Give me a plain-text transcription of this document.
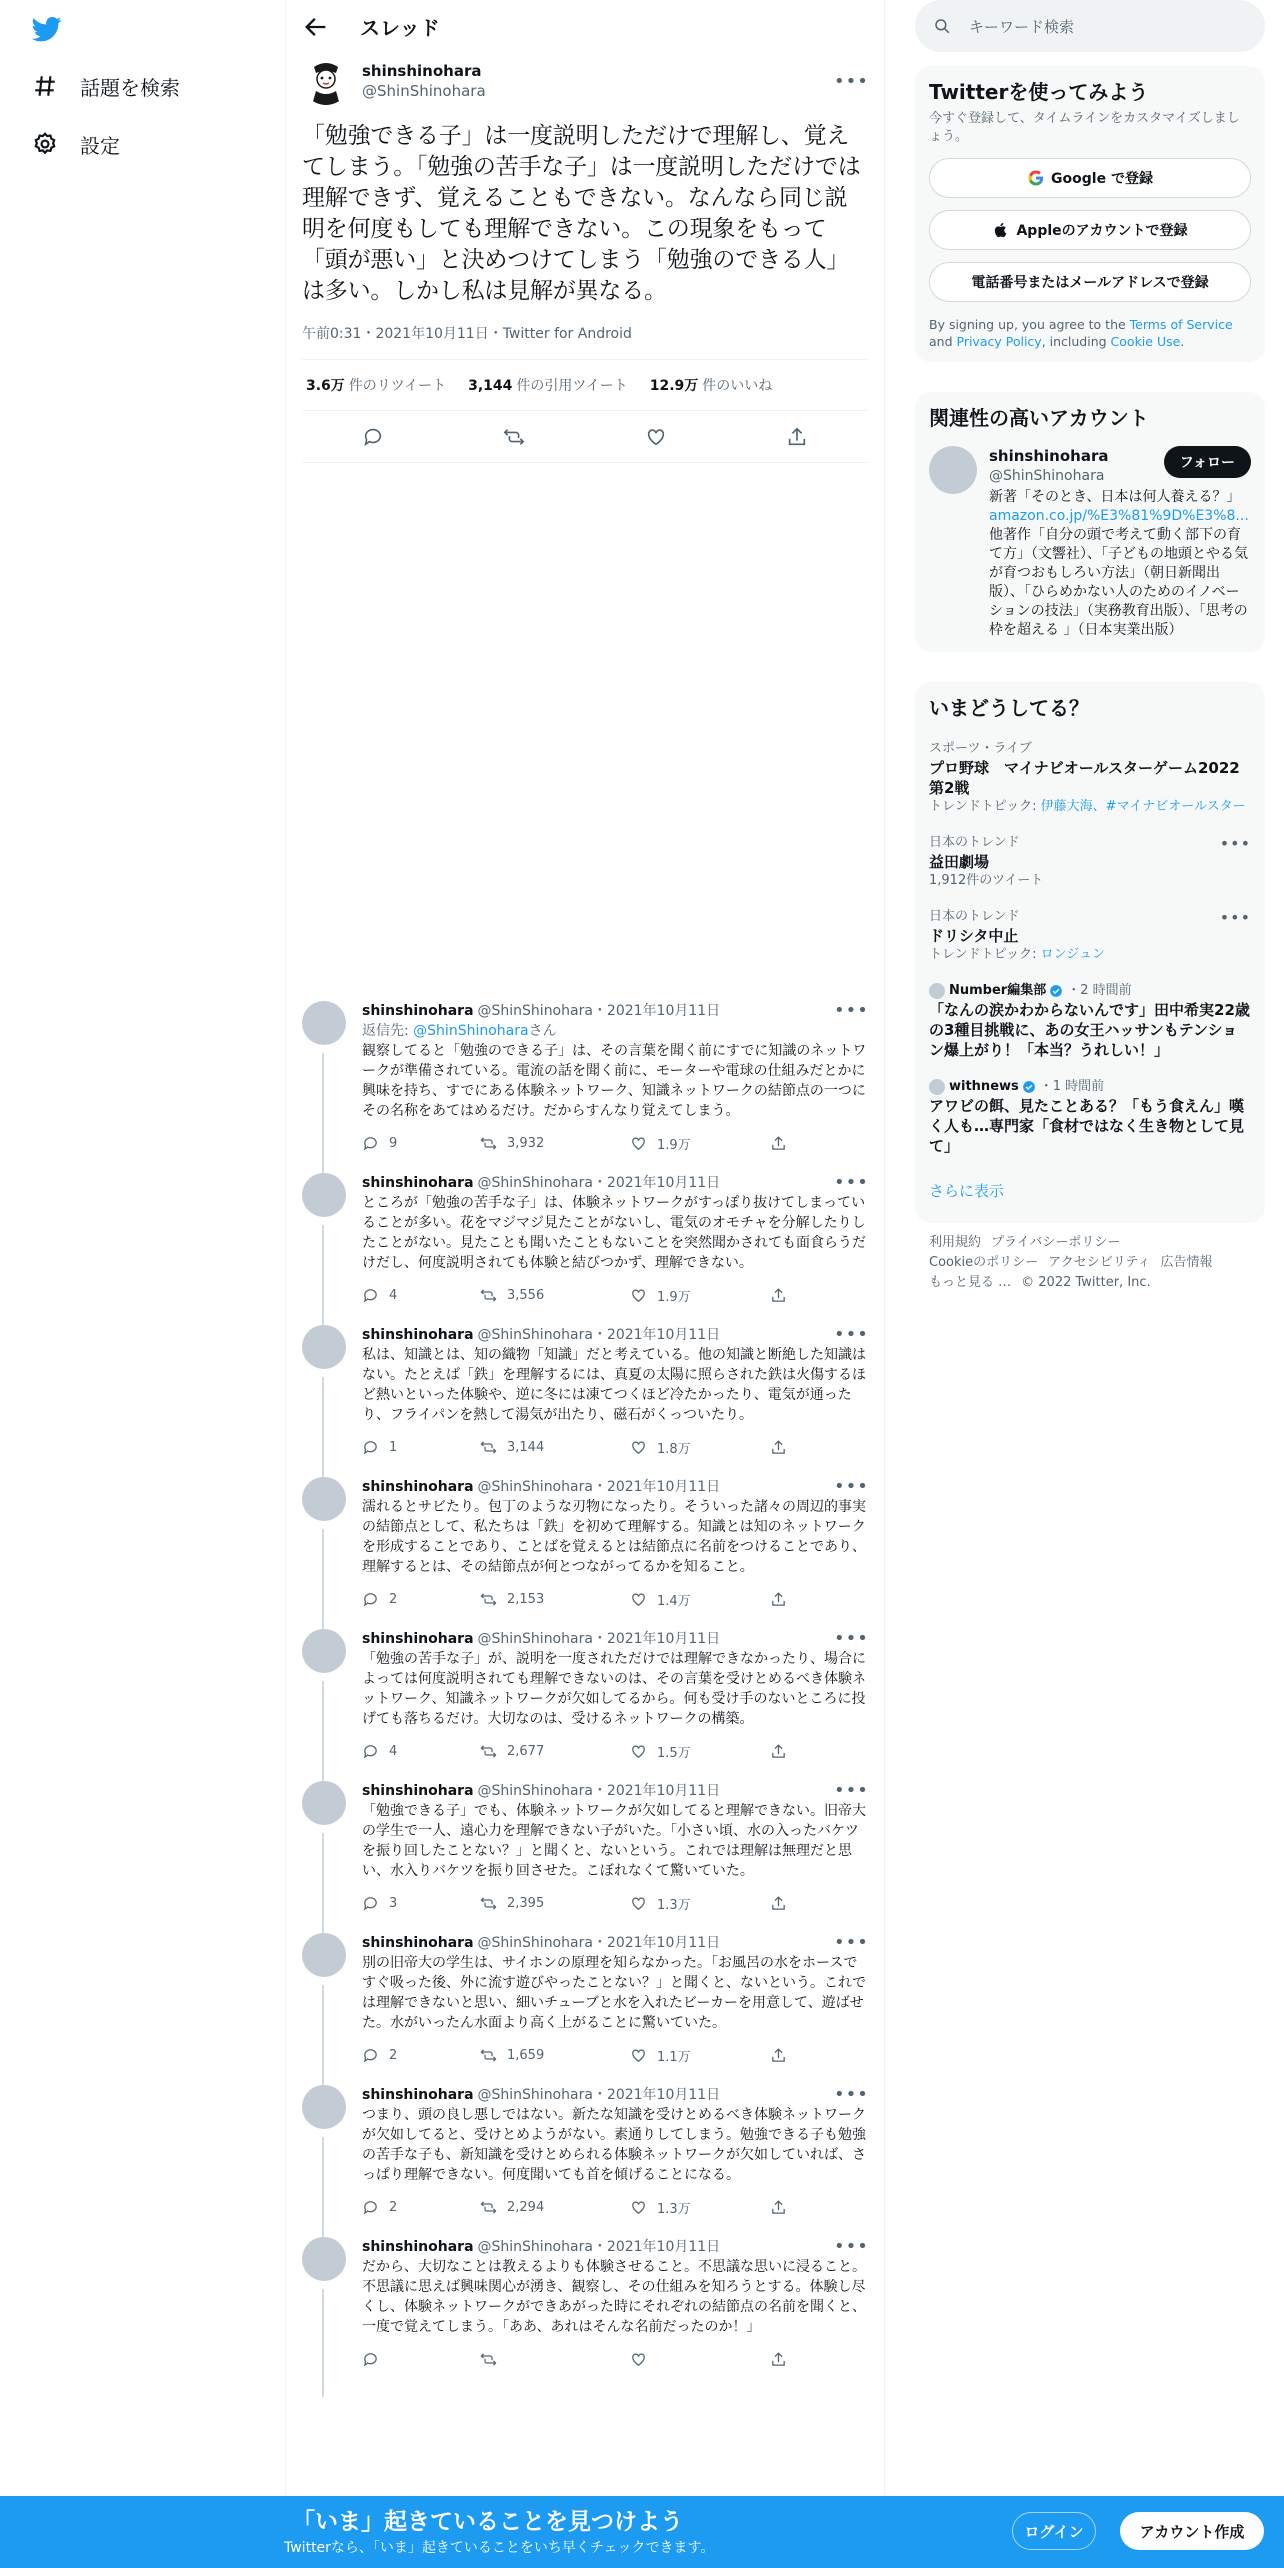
話題を検索
設定
スレッド
shinshinohara
@ShinShinohara	•••
「勉強できる子」は一度説明しただけで理解し、覚えてしまう。「勉強の苦手な子」は一度説明しただけでは理解できず、覚えることもできない。なんなら同じ説明を何度もしても理解できない。この現象をもって「頭が悪い」と決めつけてしまう「勉強のできる人」は多い。しかし私は見解が異なる。
午前0:31・2021年10月11日・Twitter for Android
3.6万 件のリツイート 3,144 件の引用ツイート 12.9万 件のいいね
shinshinohara @ShinShinohara・2021年10月11日	•••
返信先: @ShinShinoharaさん
観察してると「勉強のできる子」は、その言葉を聞く前にすでに知識のネットワークが準備されている。電流の話を聞く前に、モーターや電球の仕組みだとかに興味を持ち、すでにある体験ネットワーク、知識ネットワークの結節点の一つにその名称をあてはめるだけ。だからすんなり覚えてしまう。
9	3,932	1.9万
shinshinohara @ShinShinohara・2021年10月11日	•••
ところが「勉強の苦手な子」は、体験ネットワークがすっぽり抜けてしまっていることが多い。花をマジマジ見たことがないし、電気のオモチャを分解したりしたことがない。見たことも聞いたこともないことを突然聞かされても面食らうだけだし、何度説明されても体験と結びつかず、理解できない。
4	3,556	1.9万
shinshinohara @ShinShinohara・2021年10月11日	•••
私は、知識とは、知の織物「知識」だと考えている。他の知識と断絶した知識はない。たとえば「鉄」を理解するには、真夏の太陽に照らされた鉄は火傷するほど熱いといった体験や、逆に冬には凍てつくほど冷たかったり、電気が通ったり、フライパンを熱して湯気が出たり、磁石がくっついたり。
1	3,144	1.8万
shinshinohara @ShinShinohara・2021年10月11日	•••
濡れるとサビたり。包丁のような刃物になったり。そういった諸々の周辺的事実の結節点として、私たちは「鉄」を初めて理解する。知識とは知のネットワークを形成することであり、ことばを覚えるとは結節点に名前をつけることであり、理解するとは、その結節点が何とつながってるかを知ること。
2	2,153	1.4万
shinshinohara @ShinShinohara・2021年10月11日	•••
「勉強の苦手な子」が、説明を一度されただけでは理解できなかったり、場合によっては何度説明されても理解できないのは、その言葉を受けとめるべき体験ネットワーク、知識ネットワークが欠如してるから。何も受け手のないところに投げても落ちるだけ。大切なのは、受けるネットワークの構築。
4	2,677	1.5万
shinshinohara @ShinShinohara・2021年10月11日	•••
「勉強できる子」でも、体験ネットワークが欠如してると理解できない。旧帝大の学生で一人、遠心力を理解できない子がいた。「小さい頃、水の入ったバケツを振り回したことない？」と聞くと、ないという。これでは理解は無理だと思い、水入りバケツを振り回させた。こぼれなくて驚いていた。
3	2,395	1.3万
shinshinohara @ShinShinohara・2021年10月11日	•••
別の旧帝大の学生は、サイホンの原理を知らなかった。「お風呂の水をホースですぐ吸った後、外に流す遊びやったことない？」と聞くと、ないという。これでは理解できないと思い、細いチューブと水を入れたビーカーを用意して、遊ばせた。水がいったん水面より高く上がることに驚いていた。
2	1,659	1.1万
shinshinohara @ShinShinohara・2021年10月11日	•••
つまり、頭の良し悪しではない。新たな知識を受けとめるべき体験ネットワークが欠如してると、受けとめようがない。素通りしてしまう。勉強できる子も勉強の苦手な子も、新知識を受けとめられる体験ネットワークが欠如していれば、さっぱり理解できない。何度聞いても首を傾げることになる。
2	2,294	1.3万
shinshinohara @ShinShinohara・2021年10月11日	•••
だから、大切なことは教えるよりも体験させること。不思議な思いに浸ること。不思議に思えば興味関心が湧き、観察し、その仕組みを知ろうとする。体験し尽くし、体験ネットワークができあがった時にそれぞれの結節点の名前を聞くと、一度で覚えてしまう。「ああ、あれはそんな名前だったのか！」
キーワード検索
Twitterを使ってみよう
今すぐ登録して、タイムラインをカスタマイズしましょう。
Google で登録
Appleのアカウントで登録
電話番号またはメールアドレスで登録
By signing up, you agree to the Terms of Service and Privacy Policy, including Cookie Use.
関連性の高いアカウント
shinshinohara
@ShinShinohara
フォロー
新著「そのとき、日本は何人養える？」
amazon.co.jp/%E3%81%9D%E3%8...
他著作「自分の頭で考えて動く部下の育て方」（文響社）、「子どもの地頭とやる気が育つおもしろい方法」（朝日新聞出版）、「ひらめかない人のためのイノベーションの技法」（実務教育出版）、「思考の枠を超える 」（日本実業出版）
いまどうしてる？
スポーツ・ライブ
プロ野球　マイナビオールスターゲーム2022 第2戦
トレンドトピック: 伊藤大海、#マイナビオールスター
日本のトレンド
益田劇場
1,912件のツイート
•••
日本のトレンド
ドリシタ中止
トレンドトピック: ロンジュン
•••
Number編集部 ・2 時間前
「なんの涙かわからないんです」田中希実22歳の3種目挑戦に、あの女王ハッサンもテンション爆上がり！「本当？うれしい！」
withnews ・1 時間前
アワビの餌、見たことある？「もう食えん」嘆く人も…専門家「食材ではなく生き物として見て」
さらに表示
利用規約 プライバシーポリシー
Cookieのポリシー アクセシビリティ 広告情報
もっと見る … © 2022 Twitter, Inc.
「いま」起きていることを見つけよう
Twitterなら、「いま」起きていることをいち早くチェックできます。
ログイン	アカウント作成
